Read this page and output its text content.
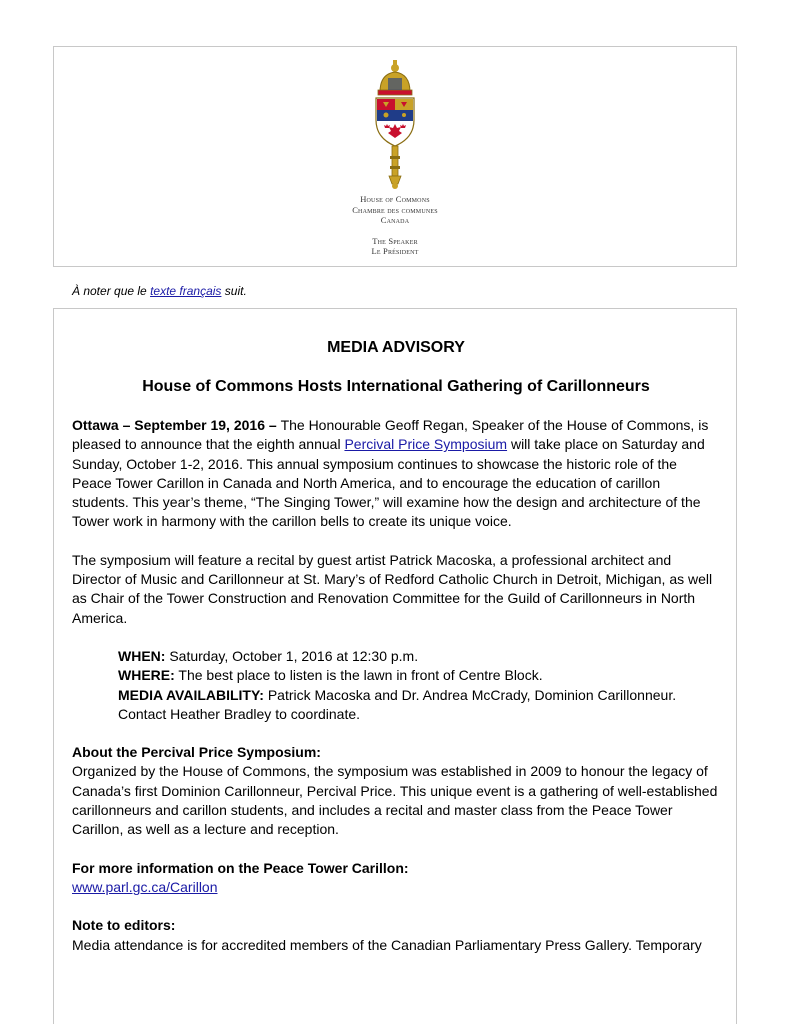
House of Commons
Chambre des communes
Canada
The Speaker
Le Président
À noter que le texte français suit.
MEDIA ADVISORY
House of Commons Hosts International Gathering of Carillonneurs

Ottawa – September 19, 2016 – The Honourable Geoff Regan, Speaker of the House of Commons, is pleased to announce that the eighth annual Percival Price Symposium will take place on Saturday and Sunday, October 1-2, 2016. This annual symposium continues to showcase the historic role of the Peace Tower Carillon in Canada and North America, and to encourage the education of carillon students. This year’s theme, “The Singing Tower,” will examine how the design and architecture of the Tower work in harmony with the carillon bells to create its unique voice.

The symposium will feature a recital by guest artist Patrick Macoska, a professional architect and Director of Music and Carillonneur at St. Mary’s of Redford Catholic Church in Detroit, Michigan, as well as Chair of the Tower Construction and Renovation Committee for the Guild of Carillonneurs in North America.

WHEN: Saturday, October 1, 2016 at 12:30 p.m.
WHERE: The best place to listen is the lawn in front of Centre Block.
MEDIA AVAILABILITY: Patrick Macoska and Dr. Andrea McCrady, Dominion Carillonneur.
Contact Heather Bradley to coordinate.

About the Percival Price Symposium:
Organized by the House of Commons, the symposium was established in 2009 to honour the legacy of Canada’s first Dominion Carillonneur, Percival Price. This unique event is a gathering of well-established carillonneurs and carillon students, and includes a recital and master class from the Peace Tower Carillon, as well as a lecture and reception.

For more information on the Peace Tower Carillon:
www.parl.gc.ca/Carillon

Note to editors:
Media attendance is for accredited members of the Canadian Parliamentary Press Gallery. Temporary
